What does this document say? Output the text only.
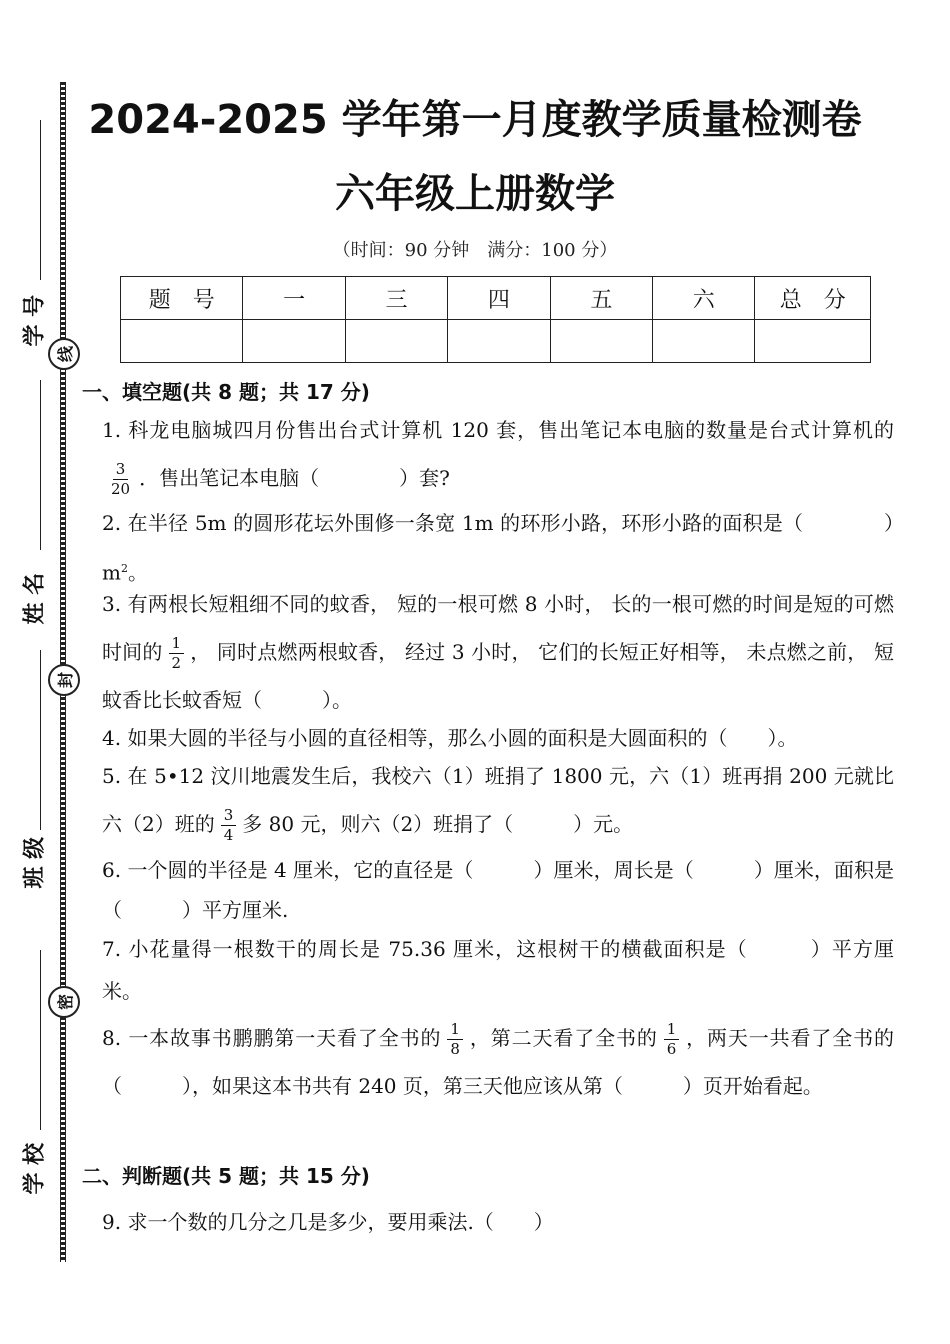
学 号
线
姓 名
封
班 级
密
学 校
2024-2025 学年第一月度教学质量检测卷
六年级上册数学
（时间：90 分钟　满分：100 分）
题　号	一	三	四	五	六	总　分

一、填空题(共 8 题；共 17 分)
1. 科龙电脑城四月份售出台式计算机 120 套，售出笔记本电脑的数量是台式计算机的
$\frac{3}{20}$ ．售出笔记本电脑（　　　　）套?
2. 在半径 5m 的圆形花坛外围修一条宽 1m 的环形小路，环形小路的面积是（　　　　）$m^2$。
3. 有两根长短粗细不同的蚊香， 短的一根可燃 8 小时， 长的一根可燃的时间是短的可燃时间的 $\frac{1}{2}$ ， 同时点燃两根蚊香， 经过 3 小时， 它们的长短正好相等， 未点燃之前， 短蚊香比长蚊香短（　　　）。
4. 如果大圆的半径与小圆的直径相等，那么小圆的面积是大圆面积的（　　）。
5. 在 5•12 汶川地震发生后，我校六（1）班捐了 1800 元，六（1）班再捐 200 元就比六（2）班的 $\frac{3}{4}$ 多 80 元，则六（2）班捐了（　　　）元。
6. 一个圆的半径是 4 厘米，它的直径是（　　　）厘米，周长是（　　　）厘米，面积是（　　　）平方厘米.
7. 小花量得一根数干的周长是 75.36 厘米，这根树干的横截面积是（　　　）平方厘米。
8. 一本故事书鹏鹏第一天看了全书的 $\frac{1}{8}$ ，第二天看了全书的 $\frac{1}{6}$ ，两天一共看了全书的（　　　），如果这本书共有 240 页，第三天他应该从第（　　　）页开始看起。
二、判断题(共 5 题；共 15 分)
9. 求一个数的几分之几是多少，要用乘法.（　　）
